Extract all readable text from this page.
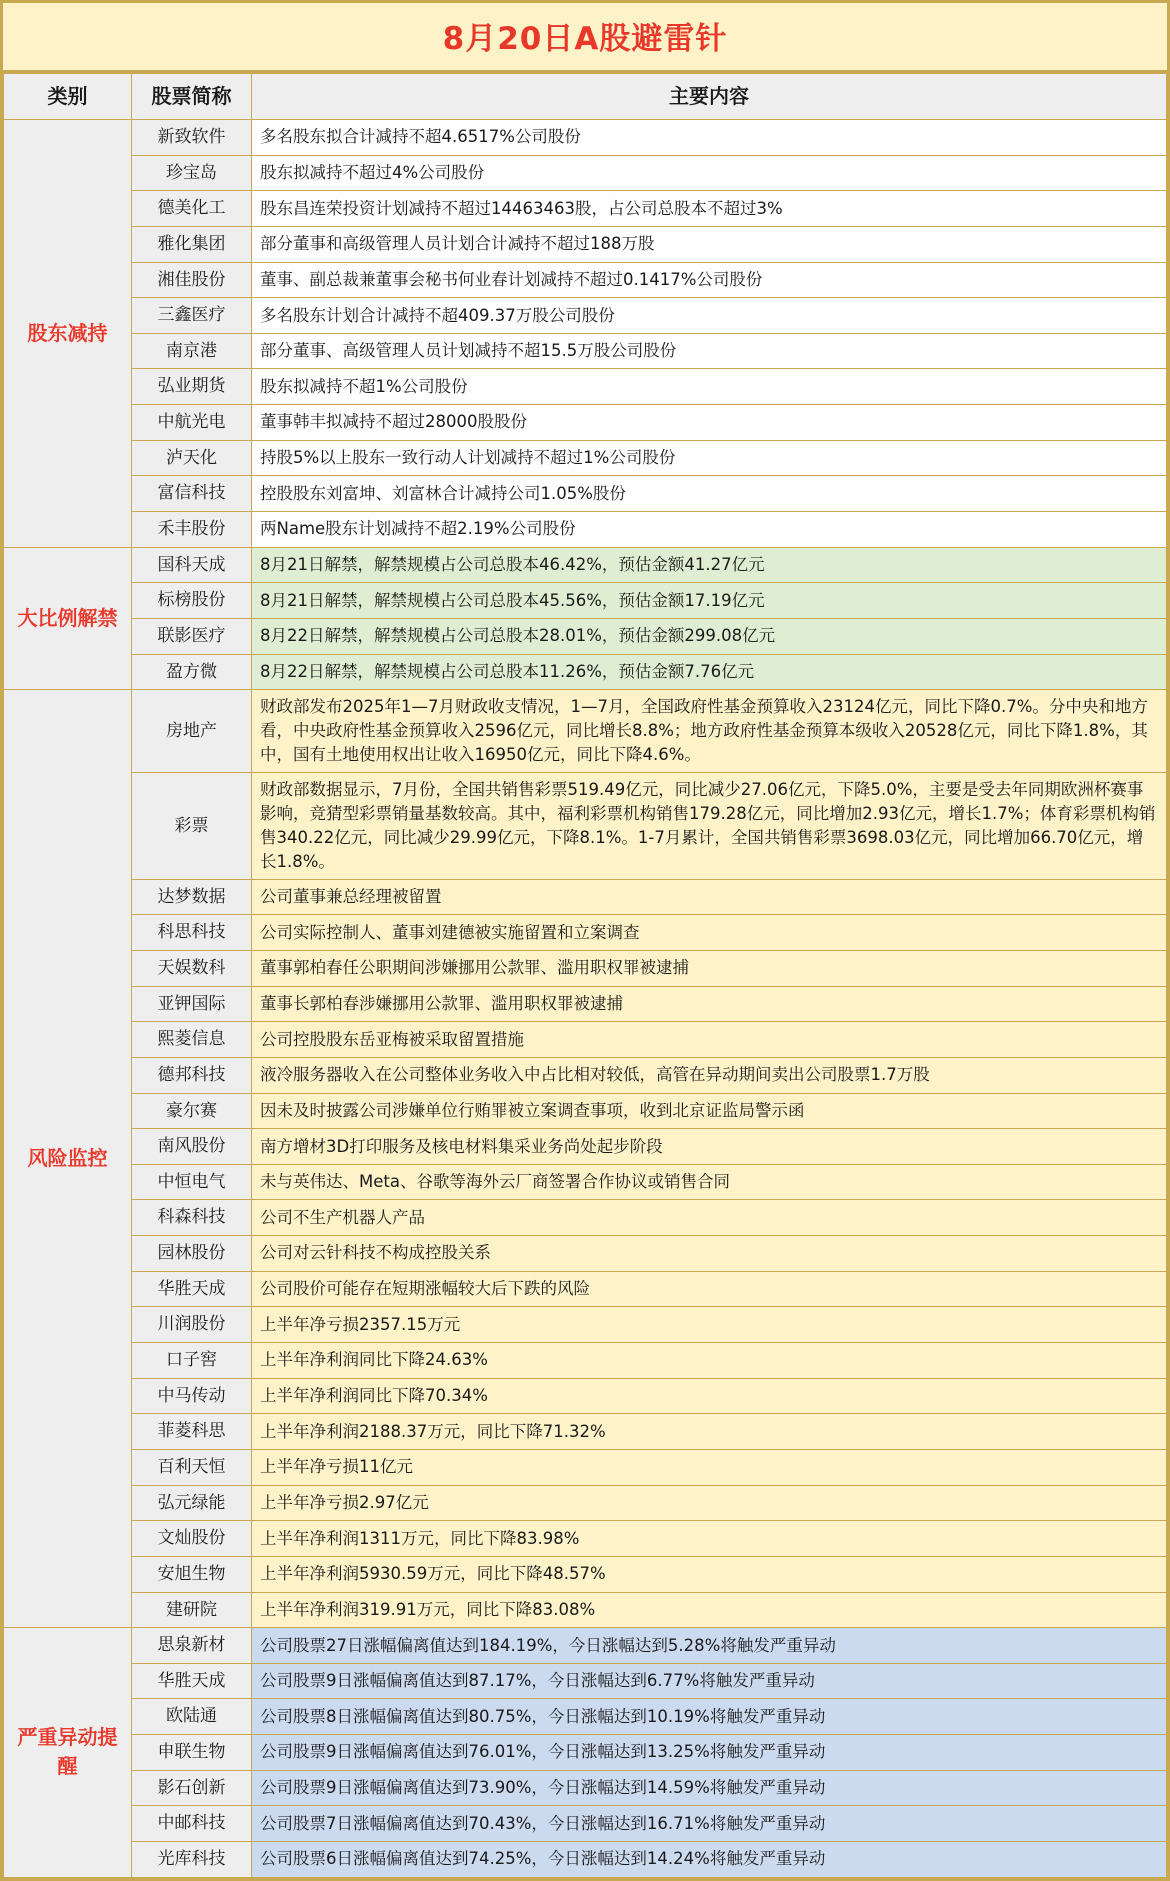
8月20日A股避雷针
类别	股票简称	主要内容
股东减持	新致软件	多名股东拟合计减持不超4.6517%公司股份
	珍宝岛	股东拟减持不超过4%公司股份
	德美化工	股东昌连荣投资计划减持不超过14463463股，占公司总股本不超过3%
	雅化集团	部分董事和高级管理人员计划合计减持不超过188万股
	湘佳股份	董事、副总裁兼董事会秘书何业春计划减持不超过0.1417%公司股份
	三鑫医疗	多名股东计划合计减持不超409.37万股公司股份
	南京港	部分董事、高级管理人员计划减持不超15.5万股公司股份
	弘业期货	股东拟减持不超1%公司股份
	中航光电	董事韩丰拟减持不超过28000股股份
	泸天化	持股5%以上股东一致行动人计划减持不超过1%公司股份
	富信科技	控股股东刘富坤、刘富林合计减持公司1.05%股份
	禾丰股份	两Name股东计划减持不超2.19%公司股份
大比例解禁	国科天成	8月21日解禁，解禁规模占公司总股本46.42%，预估金额41.27亿元
	标榜股份	8月21日解禁，解禁规模占公司总股本45.56%，预估金额17.19亿元
	联影医疗	8月22日解禁，解禁规模占公司总股本28.01%，预估金额299.08亿元
	盈方微	8月22日解禁，解禁规模占公司总股本11.26%，预估金额7.76亿元
风险监控	房地产	财政部发布2025年1—7月财政收支情况，1—7月，全国政府性基金预算收入23124亿元，同比下降0.7%。分中央和地方看，中央政府性基金预算收入2596亿元，同比增长8.8%；地方政府性基金预算本级收入20528亿元，同比下降1.8%，其中，国有土地使用权出让收入16950亿元，同比下降4.6%。
	彩票	财政部数据显示，7月份，全国共销售彩票519.49亿元，同比减少27.06亿元，下降5.0%，主要是受去年同期欧洲杯赛事影响，竞猜型彩票销量基数较高。其中，福利彩票机构销售179.28亿元，同比增加2.93亿元，增长1.7%；体育彩票机构销售340.22亿元，同比减少29.99亿元，下降8.1%。1-7月累计，全国共销售彩票3698.03亿元，同比增加66.70亿元，增长1.8%。
	达梦数据	公司董事兼总经理被留置
	科思科技	公司实际控制人、董事刘建德被实施留置和立案调查
	天娱数科	董事郭柏春任公职期间涉嫌挪用公款罪、滥用职权罪被逮捕
	亚钾国际	董事长郭柏春涉嫌挪用公款罪、滥用职权罪被逮捕
	熙菱信息	公司控股股东岳亚梅被采取留置措施
	德邦科技	液冷服务器收入在公司整体业务收入中占比相对较低，高管在异动期间卖出公司股票1.7万股
	豪尔赛	因未及时披露公司涉嫌单位行贿罪被立案调查事项，收到北京证监局警示函
	南风股份	南方增材3D打印服务及核电材料集采业务尚处起步阶段
	中恒电气	未与英伟达、Meta、谷歌等海外云厂商签署合作协议或销售合同
	科森科技	公司不生产机器人产品
	园林股份	公司对云针科技不构成控股关系
	华胜天成	公司股价可能存在短期涨幅较大后下跌的风险
	川润股份	上半年净亏损2357.15万元
	口子窖	上半年净利润同比下降24.63%
	中马传动	上半年净利润同比下降70.34%
	菲菱科思	上半年净利润2188.37万元，同比下降71.32%
	百利天恒	上半年净亏损11亿元
	弘元绿能	上半年净亏损2.97亿元
	文灿股份	上半年净利润1311万元，同比下降83.98%
	安旭生物	上半年净利润5930.59万元，同比下降48.57%
	建研院	上半年净利润319.91万元，同比下降83.08%
严重异动提醒	思泉新材	公司股票27日涨幅偏离值达到184.19%，今日涨幅达到5.28%将触发严重异动
	华胜天成	公司股票9日涨幅偏离值达到87.17%，今日涨幅达到6.77%将触发严重异动
	欧陆通	公司股票8日涨幅偏离值达到80.75%，今日涨幅达到10.19%将触发严重异动
	申联生物	公司股票9日涨幅偏离值达到76.01%，今日涨幅达到13.25%将触发严重异动
	影石创新	公司股票9日涨幅偏离值达到73.90%，今日涨幅达到14.59%将触发严重异动
	中邮科技	公司股票7日涨幅偏离值达到70.43%，今日涨幅达到16.71%将触发严重异动
	光库科技	公司股票6日涨幅偏离值达到74.25%，今日涨幅达到14.24%将触发严重异动
